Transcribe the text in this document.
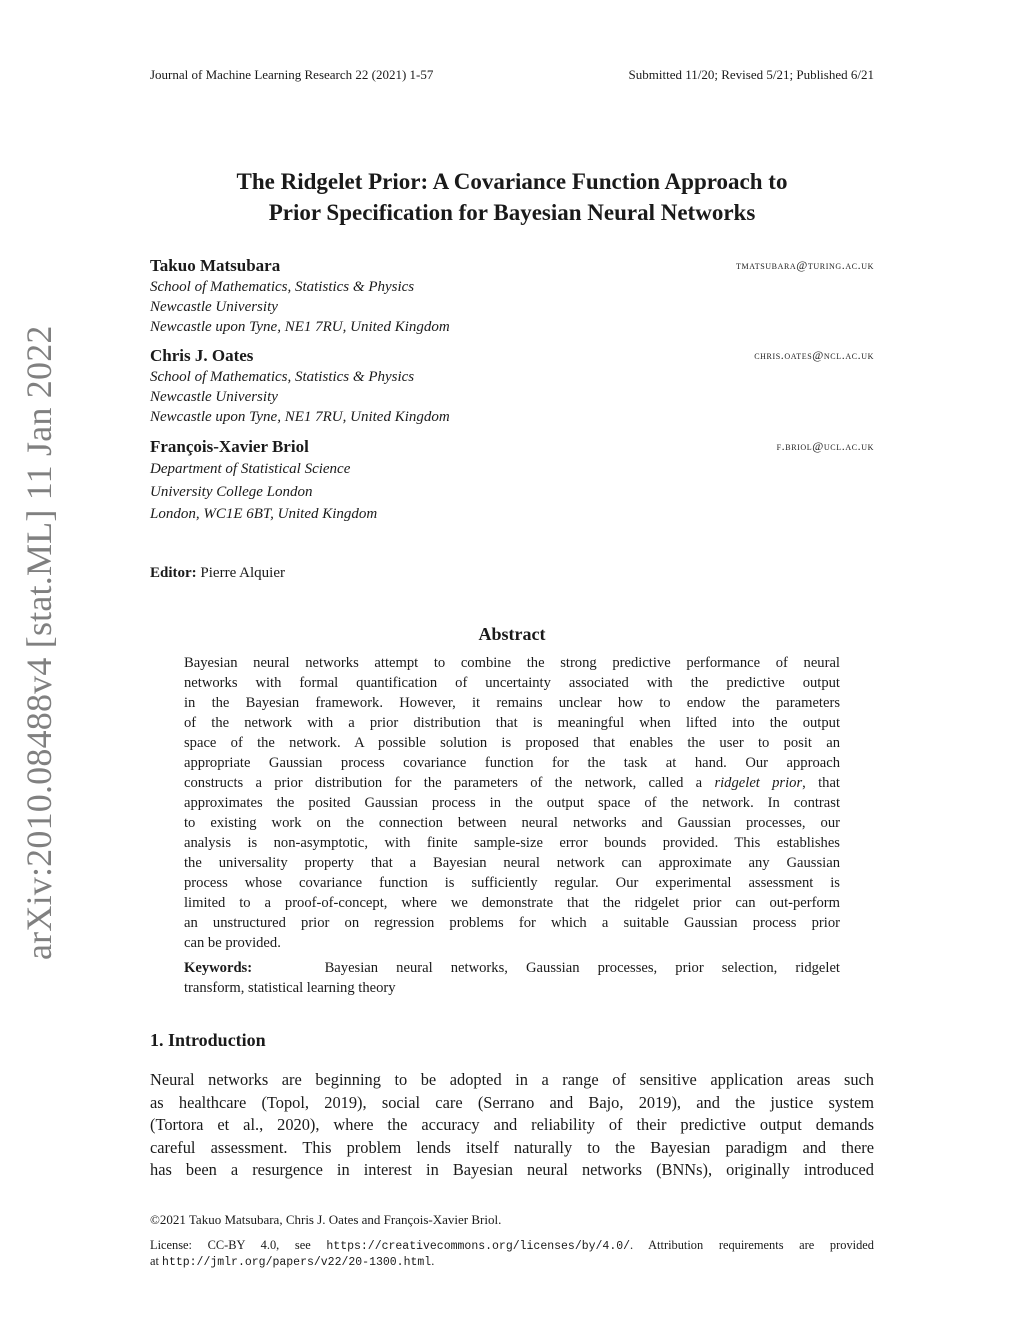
Journal of Machine Learning Research 22 (2021) 1-57	Submitted 11/20; Revised 5/21; Published 6/21
arXiv:2010.08488v4 [stat.ML] 11 Jan 2022
The Ridgelet Prior: A Covariance Function Approach to
Prior Specification for Bayesian Neural Networks
Takuo Matsubara	tmatsubara@turing.ac.uk
School of Mathematics, Statistics & Physics
Newcastle University
Newcastle upon Tyne, NE1 7RU, United Kingdom
Chris J. Oates	chris.oates@ncl.ac.uk
School of Mathematics, Statistics & Physics
Newcastle University
Newcastle upon Tyne, NE1 7RU, United Kingdom
François-Xavier Briol	f.briol@ucl.ac.uk
Department of Statistical Science
University College London
London, WC1E 6BT, United Kingdom
Editor: Pierre Alquier
Abstract
Bayesian neural networks attempt to combine the strong predictive performance of neural
networks with formal quantification of uncertainty associated with the predictive output
in the Bayesian framework. However, it remains unclear how to endow the parameters
of the network with a prior distribution that is meaningful when lifted into the output
space of the network. A possible solution is proposed that enables the user to posit an
appropriate Gaussian process covariance function for the task at hand. Our approach
constructs a prior distribution for the parameters of the network, called a ridgelet prior, that
approximates the posited Gaussian process in the output space of the network. In contrast
to existing work on the connection between neural networks and Gaussian processes, our
analysis is non-asymptotic, with finite sample-size error bounds provided. This establishes
the universality property that a Bayesian neural network can approximate any Gaussian
process whose covariance function is sufficiently regular. Our experimental assessment is
limited to a proof-of-concept, where we demonstrate that the ridgelet prior can out-perform
an unstructured prior on regression problems for which a suitable Gaussian process prior
can be provided.
Keywords:	Bayesian neural networks, Gaussian processes, prior selection, ridgelet
transform, statistical learning theory
1. Introduction
Neural networks are beginning to be adopted in a range of sensitive application areas such
as healthcare (Topol, 2019), social care (Serrano and Bajo, 2019), and the justice system
(Tortora et al., 2020), where the accuracy and reliability of their predictive output demands
careful assessment. This problem lends itself naturally to the Bayesian paradigm and there
has been a resurgence in interest in Bayesian neural networks (BNNs), originally introduced
©2021 Takuo Matsubara, Chris J. Oates and François-Xavier Briol.
License: CC-BY 4.0, see https://creativecommons.org/licenses/by/4.0/. Attribution requirements are provided
at http://jmlr.org/papers/v22/20-1300.html.
